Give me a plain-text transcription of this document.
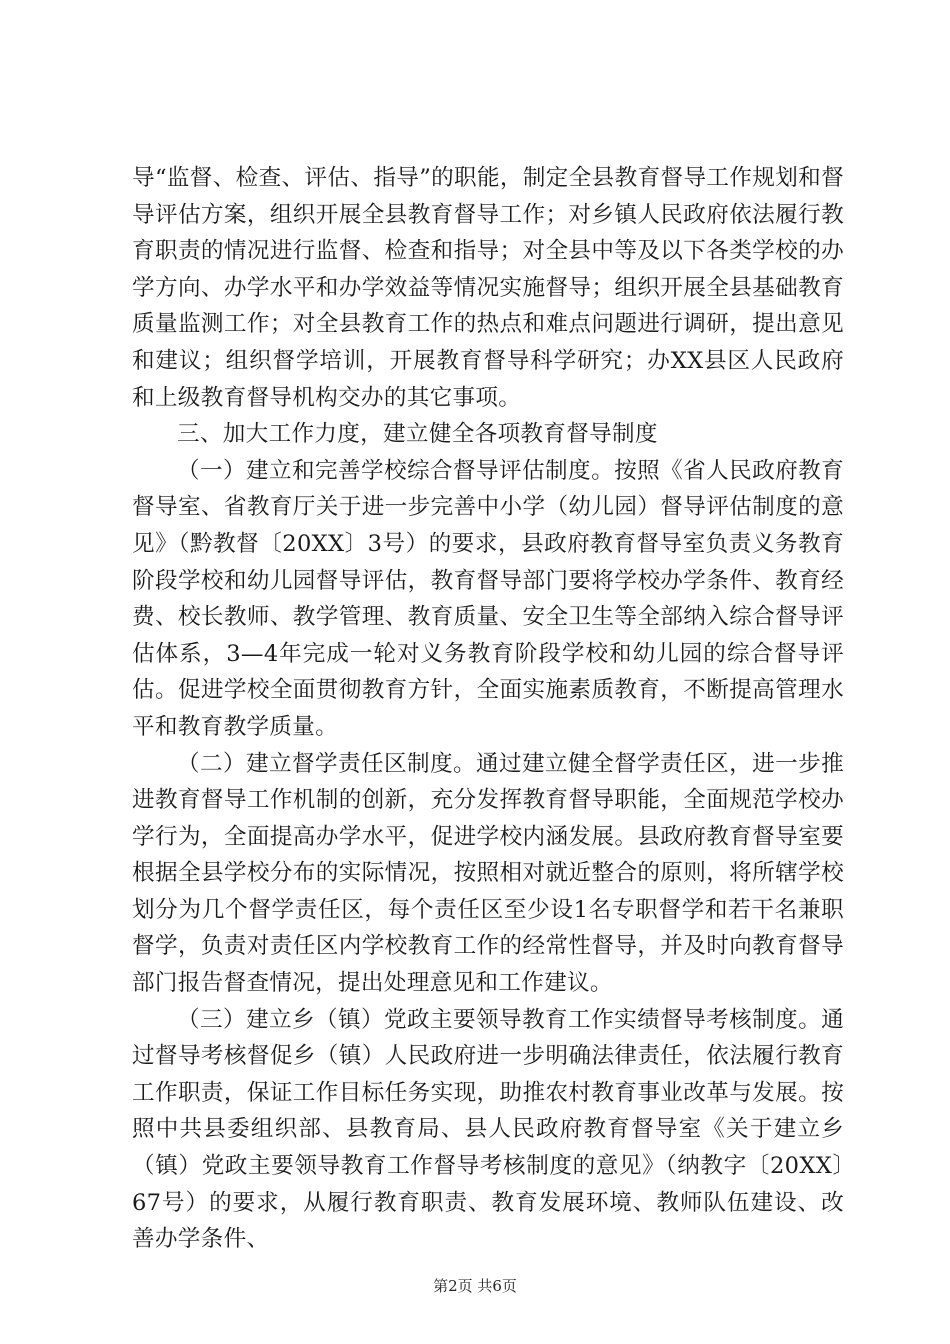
导“监督、检查、评估、指导”的职能，制定全县教育督导工作规划和督导评估方案，组织开展全县教育督导工作；对乡镇人民政府依法履行教育职责的情况进行监督、检查和指导；对全县中等及以下各类学校的办学方向、办学水平和办学效益等情况实施督导；组织开展全县基础教育质量监测工作；对全县教育工作的热点和难点问题进行调研，提出意见和建议；组织督学培训，开展教育督导科学研究；办XX县区人民政府和上级教育督导机构交办的其它事项。

三、加大工作力度，建立健全各项教育督导制度

（一）建立和完善学校综合督导评估制度。按照《省人民政府教育督导室、省教育厅关于进一步完善中小学（幼儿园）督导评估制度的意见》（黔教督〔20XX〕3号）的要求，县政府教育督导室负责义务教育阶段学校和幼儿园督导评估，教育督导部门要将学校办学条件、教育经费、校长教师、教学管理、教育质量、安全卫生等全部纳入综合督导评估体系，3—4年完成一轮对义务教育阶段学校和幼儿园的综合督导评估。促进学校全面贯彻教育方针，全面实施素质教育，不断提高管理水平和教育教学质量。

（二）建立督学责任区制度。通过建立健全督学责任区，进一步推进教育督导工作机制的创新，充分发挥教育督导职能，全面规范学校办学行为，全面提高办学水平，促进学校内涵发展。县政府教育督导室要根据全县学校分布的实际情况，按照相对就近整合的原则，将所辖学校划分为几个督学责任区，每个责任区至少设1名专职督学和若干名兼职督学，负责对责任区内学校教育工作的经常性督导，并及时向教育督导部门报告督查情况，提出处理意见和工作建议。

（三）建立乡（镇）党政主要领导教育工作实绩督导考核制度。通过督导考核督促乡（镇）人民政府进一步明确法律责任，依法履行教育工作职责，保证工作目标任务实现，助推农村教育事业改革与发展。按照中共县委组织部、县教育局、县人民政府教育督导室《关于建立乡（镇）党政主要领导教育工作督导考核制度的意见》（纳教字〔20XX〕67号）的要求，从履行教育职责、教育发展环境、教师队伍建设、改善办学条件、

第2页 共6页
